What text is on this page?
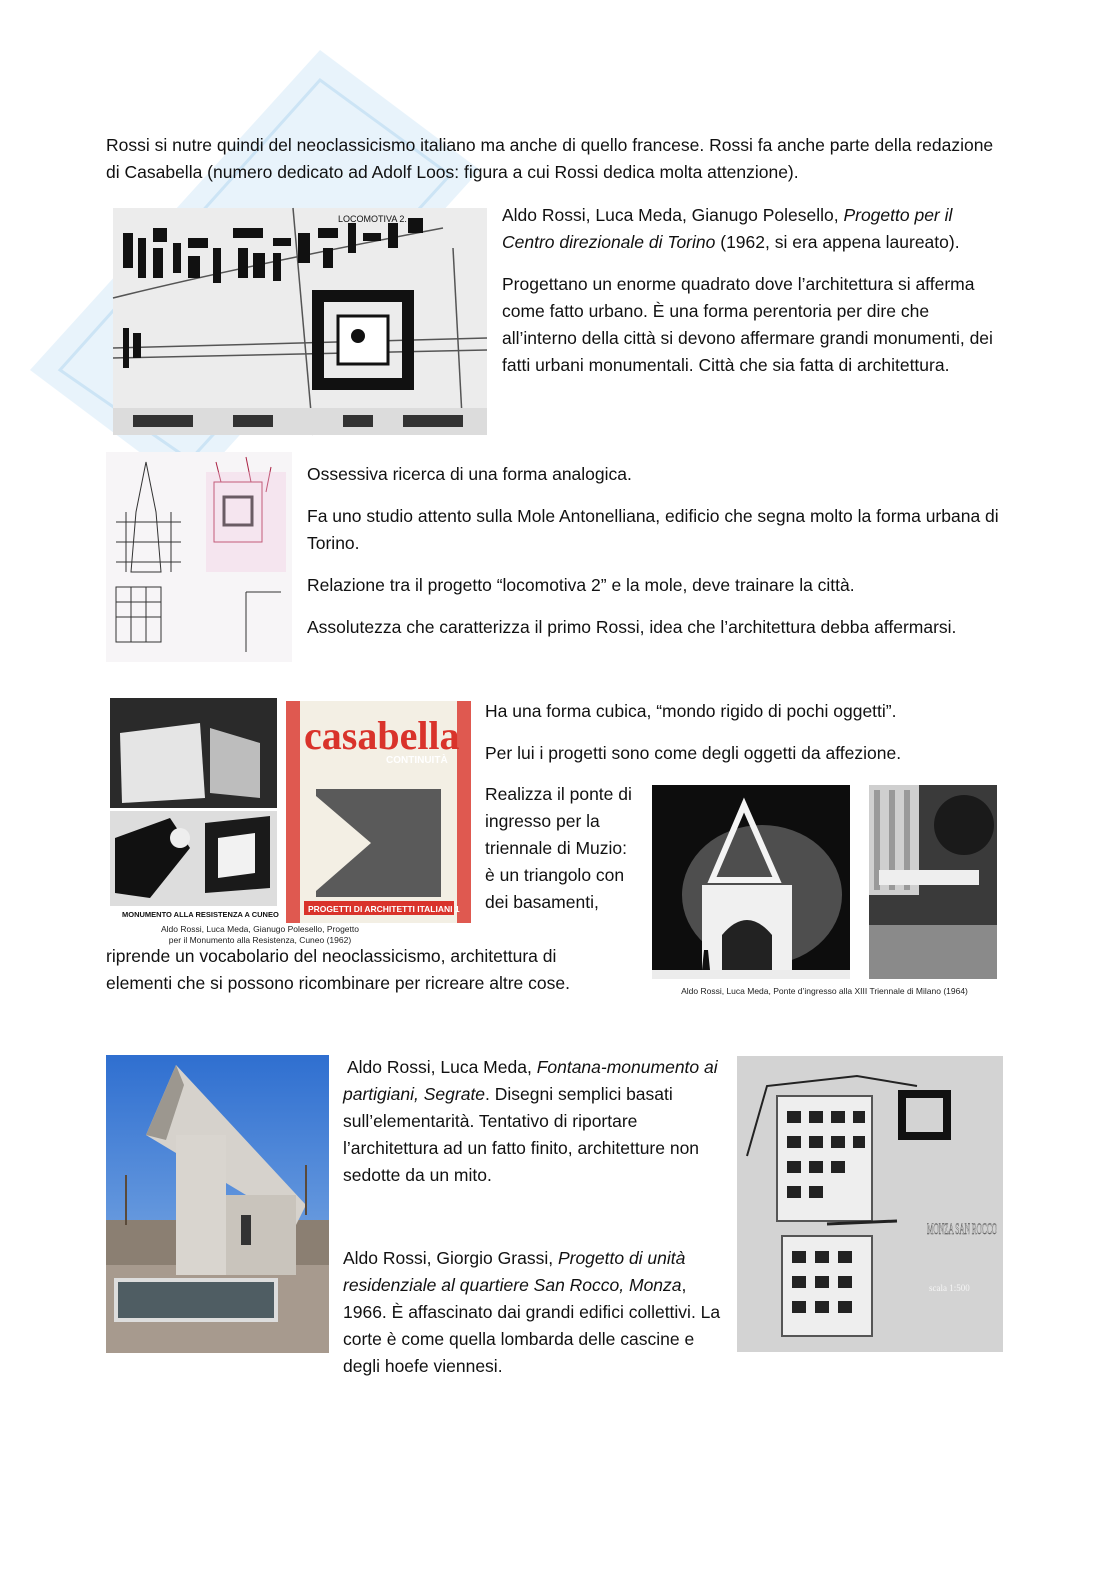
Rossi si nutre quindi del neoclassicismo italiano ma anche di quello francese. Rossi fa anche parte della redazione di Casabella (numero dedicato ad Adolf Loos: figura a cui Rossi dedica molta attenzione).
LOCOMOTIVA 2.	Aldo Rossi, Luca Meda, Gianugo Polesello, Progetto per il Centro direzionale di Torino (1962, si era appena laureato).

Progettano un enorme quadrato dove l’architettura si afferma come fatto urbano. È una forma perentoria per dire che all’interno della città si devono affermare grandi monumenti, dei fatti urbani monumentali. Città che sia fatta di architettura.

Ossessiva ricerca di una forma analogica.

Fa uno studio attento sulla Mole Antonelliana, edificio che segna molto la forma urbana di Torino.

Relazione tra il progetto “locomotiva 2” e la mole, deve trainare la città.

Assolutezza che caratterizza il primo Rossi, idea che l’architettura debba affermarsi.

MONUMENTO ALLA RESISTENZA A CUNEO

Aldo Rossi, Luca Meda, Gianugo Polesello, Progetto per il Monumento alla Resistenza, Cuneo (1962)

casabella
CONTINUITÀ
PROGETTI DI ARCHITETTI ITALIANI 1

Ha una forma cubica, “mondo rigido di pochi oggetti”.

Per lui i progetti sono come degli oggetti da affezione.

Realizza il ponte di ingresso per la triennale di Muzio: è un triangolo con dei basamenti,
riprende un vocabolario del neoclassicismo, architettura di elementi che si possono ricombinare per ricreare altre cose.	Aldo Rossi, Luca Meda, Ponte d’ingresso alla XIII Triennale di Milano (1964)

Aldo Rossi, Luca Meda, Fontana-monumento ai partigiani, Segrate. Disegni semplici basati sull’elementarità. Tentativo di riportare l’architettura ad un fatto finito, architetture non sedotte da un mito.

MONZA SAN ROCCO
scala 1:500

Aldo Rossi, Giorgio Grassi, Progetto di unità residenziale al quartiere San Rocco, Monza, 1966. È affascinato dai grandi edifici collettivi. La corte è come quella lombarda delle cascine e degli hoefe viennesi.
